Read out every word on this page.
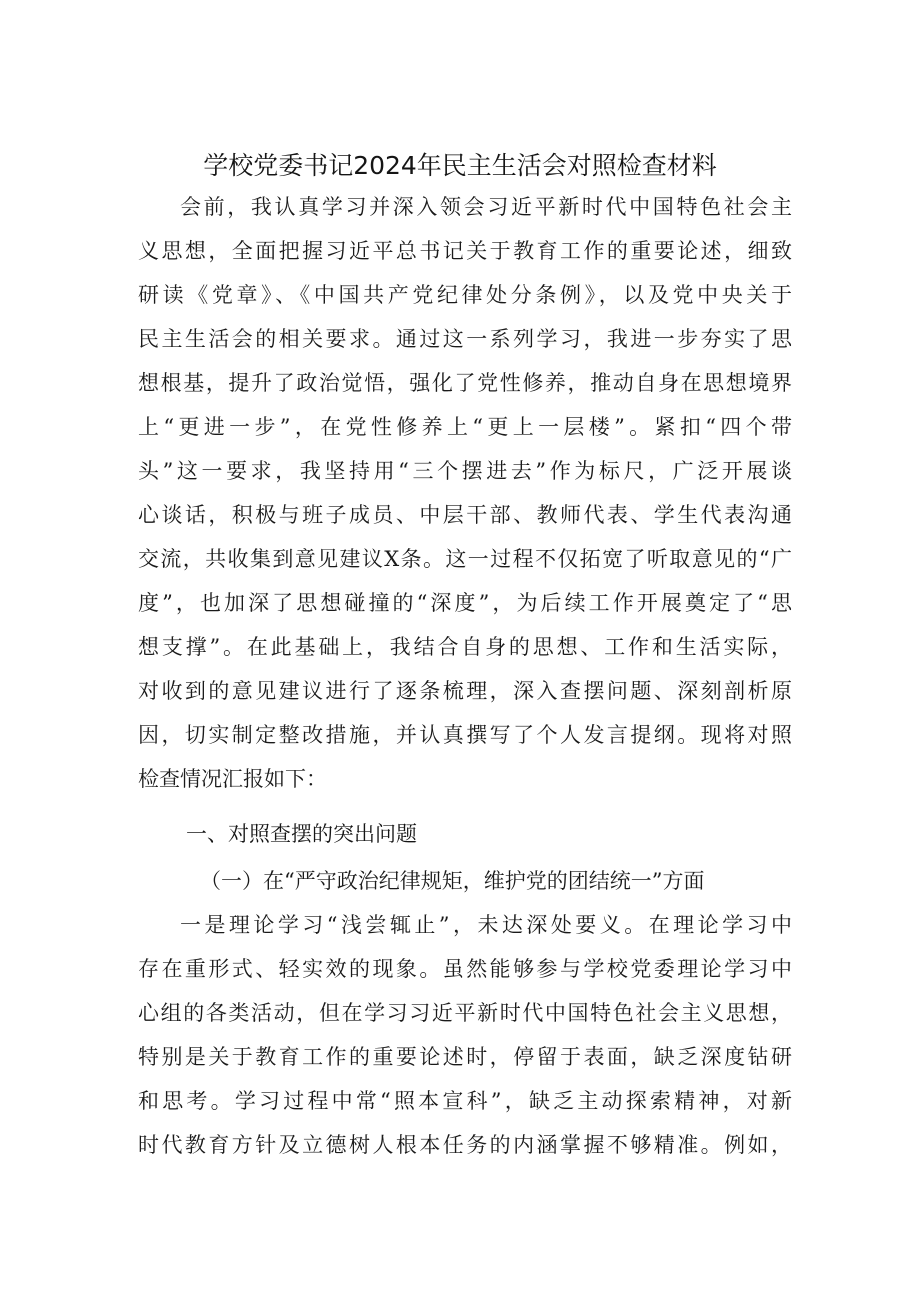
学校党委书记2024年民主生活会对照检查材料
会前，我认真学习并深入领会习近平新时代中国特色社会主
义思想，全面把握习近平总书记关于教育工作的重要论述，细致
研读《党章》、《中国共产党纪律处分条例》，以及党中央关于
民主生活会的相关要求。通过这一系列学习，我进一步夯实了思
想根基，提升了政治觉悟，强化了党性修养，推动自身在思想境界
上“更进一步”，在党性修养上“更上一层楼”。紧扣“四个带
头”这一要求，我坚持用“三个摆进去”作为标尺，广泛开展谈
心谈话，积极与班子成员、中层干部、教师代表、学生代表沟通
交流，共收集到意见建议X条。这一过程不仅拓宽了听取意见的“广
度”，也加深了思想碰撞的“深度”，为后续工作开展奠定了“思
想支撑”。在此基础上，我结合自身的思想、工作和生活实际，
对收到的意见建议进行了逐条梳理，深入查摆问题、深刻剖析原
因，切实制定整改措施，并认真撰写了个人发言提纲。现将对照
检查情况汇报如下：
一、对照查摆的突出问题
（一）在“严守政治纪律规矩，维护党的团结统一”方面
一是理论学习“浅尝辄止”，未达深处要义。在理论学习中
存在重形式、轻实效的现象。虽然能够参与学校党委理论学习中
心组的各类活动，但在学习习近平新时代中国特色社会主义思想，
特别是关于教育工作的重要论述时，停留于表面，缺乏深度钻研
和思考。学习过程中常“照本宣科”，缺乏主动探索精神，对新
时代教育方针及立德树人根本任务的内涵掌握不够精准。例如，
